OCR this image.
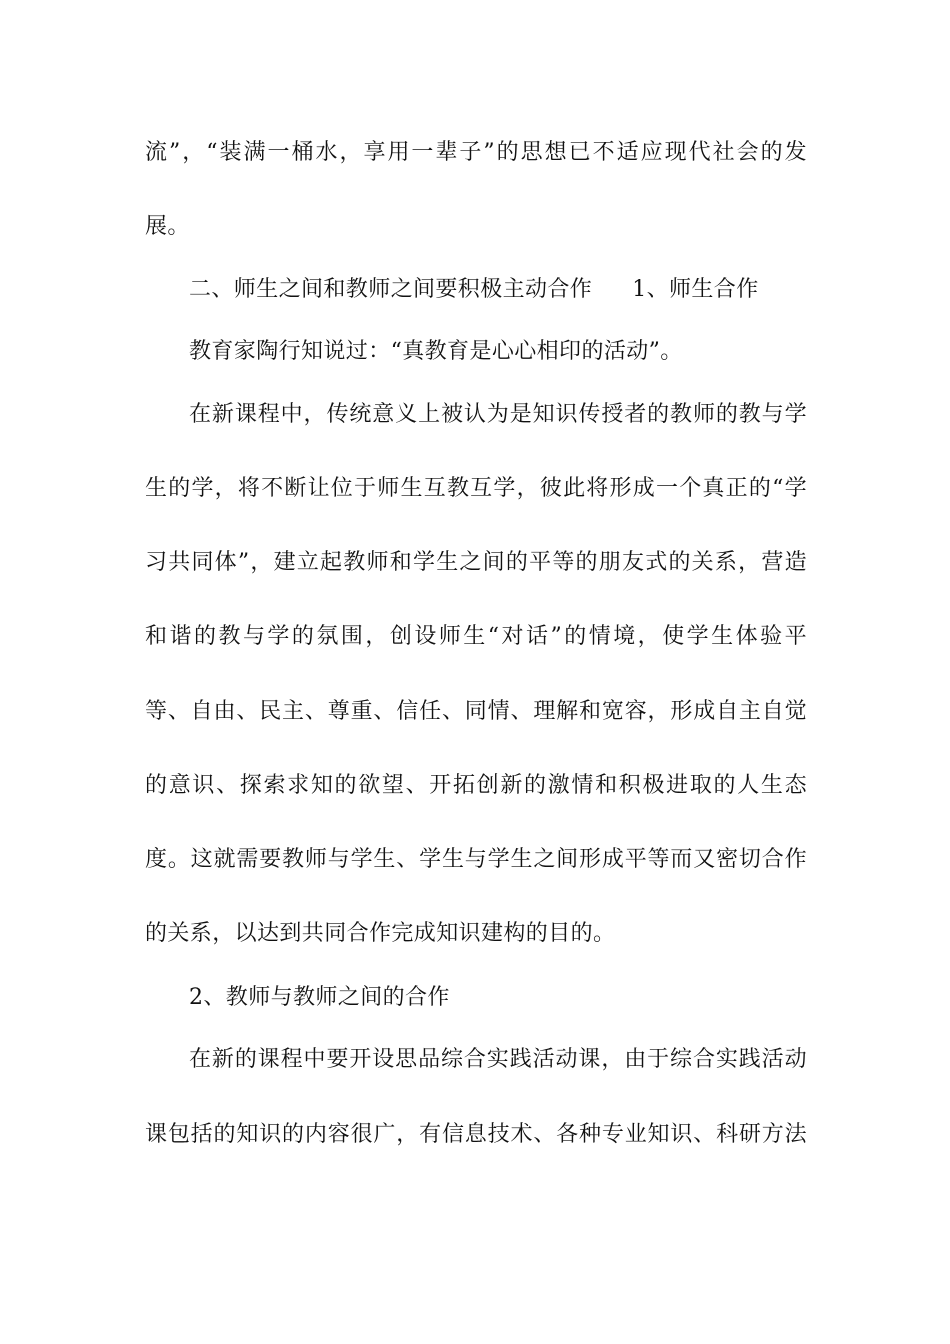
流”，“装满一桶水，享用一辈子”的思想已不适应现代社会的发
展。
二、师生之间和教师之间要积极主动合作 1、师生合作
教育家陶行知说过：“真教育是心心相印的活动”。
在新课程中，传统意义上被认为是知识传授者的教师的教与学
生的学，将不断让位于师生互教互学，彼此将形成一个真正的“学
习共同体”，建立起教师和学生之间的平等的朋友式的关系，营造
和谐的教与学的氛围，创设师生“对话”的情境，使学生体验平
等、自由、民主、尊重、信任、同情、理解和宽容，形成自主自觉
的意识、探索求知的欲望、开拓创新的激情和积极进取的人生态
度。这就需要教师与学生、学生与学生之间形成平等而又密切合作
的关系，以达到共同合作完成知识建构的目的。
2、教师与教师之间的合作
在新的课程中要开设思品综合实践活动课，由于综合实践活动
课包括的知识的内容很广，有信息技术、各种专业知识、科研方法
